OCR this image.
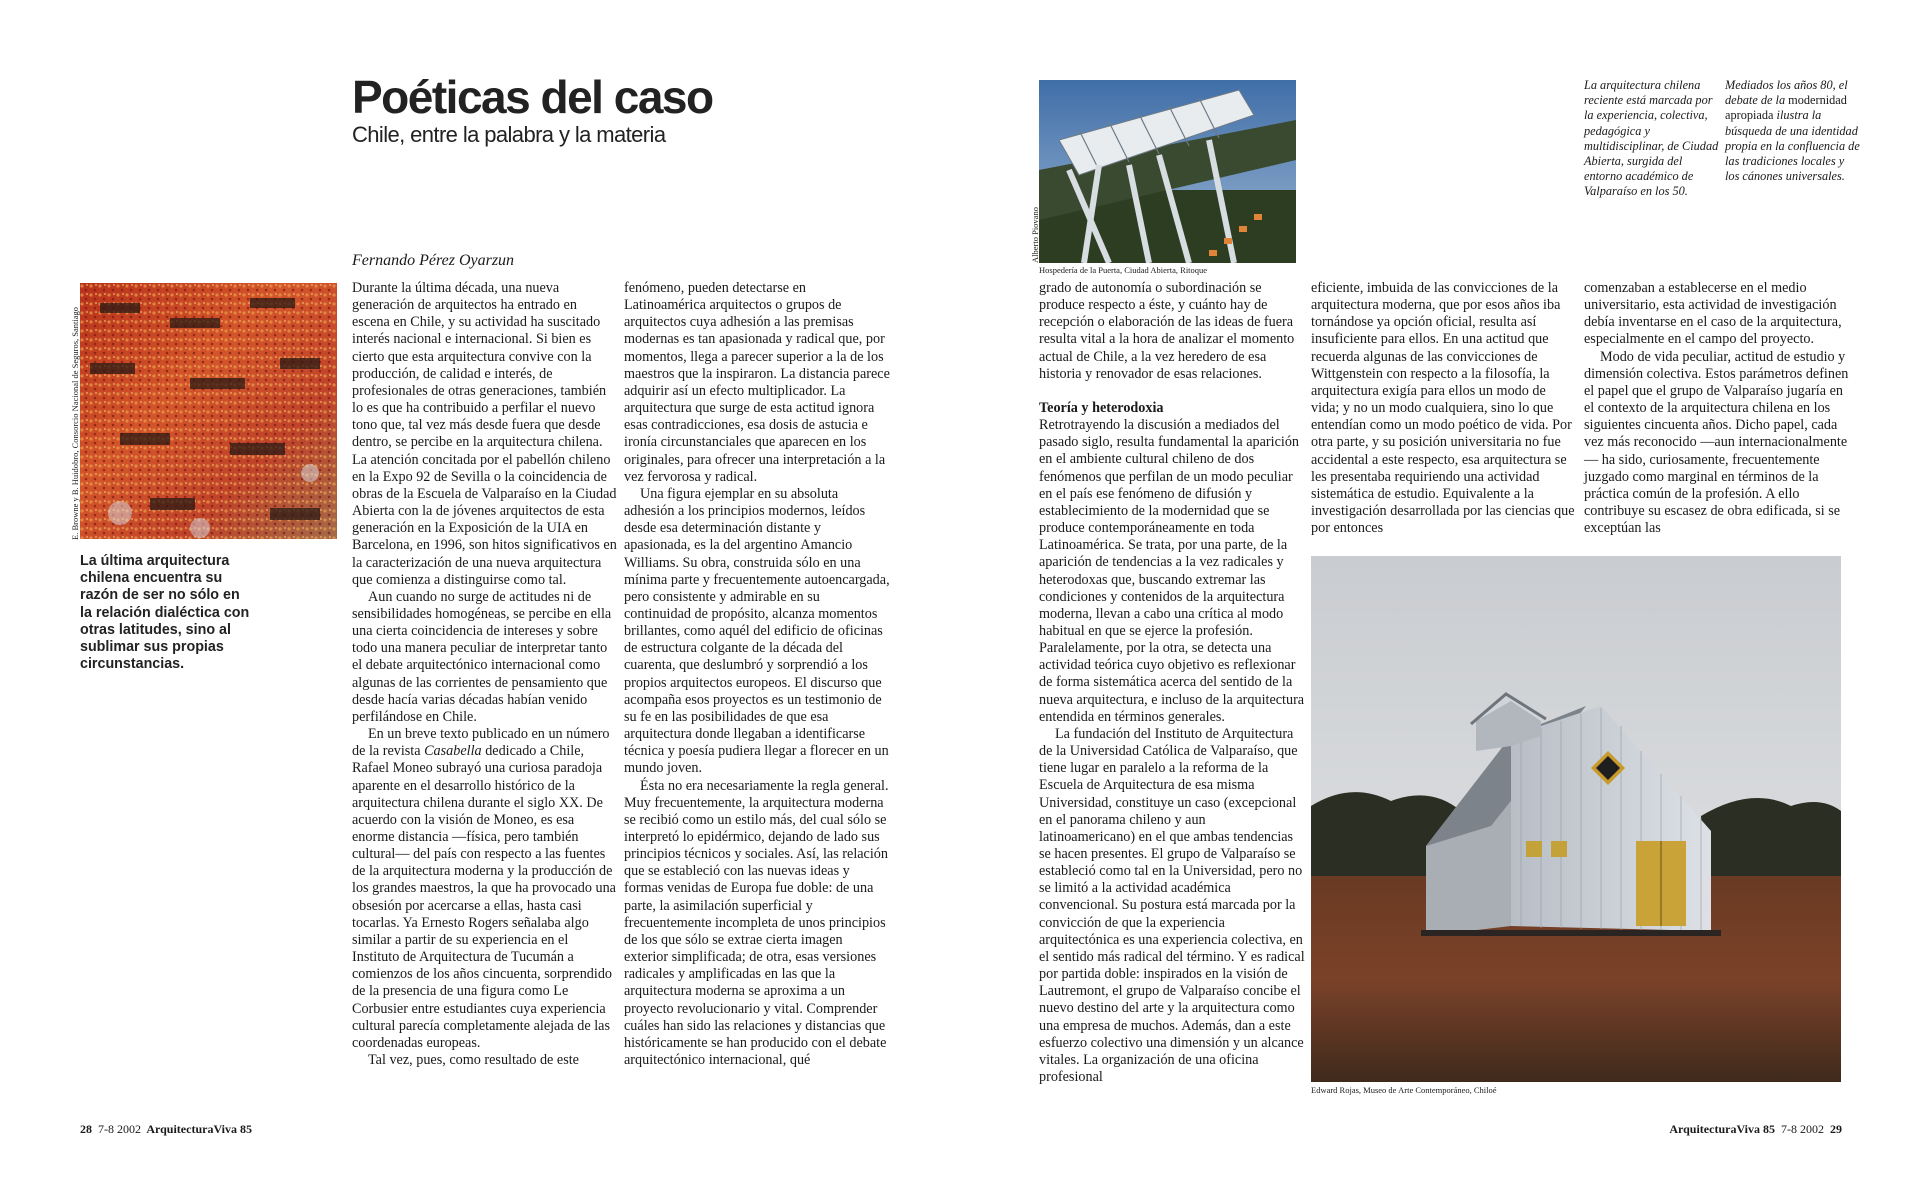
Poéticas del caso
Chile, entre la palabra y la materia
Fernando Pérez Oyarzun
E. Browne y B. Huidobro, Consorcio Nacional de Seguros, Santiago
La última arquitectura chilena encuentra su razón de ser no sólo en la relación dialéctica con otras latitudes, sino al sublimar sus propias circunstancias.

Durante la última década, una nueva generación de arquitectos ha entrado en escena en Chile, y su actividad ha suscitado interés nacional e internacional. Si bien es cierto que esta arquitectura convive con la producción, de calidad e interés, de profesionales de otras generaciones, también lo es que ha contribuido a perfilar el nuevo tono que, tal vez más desde fuera que desde dentro, se percibe en la arquitectura chilena. La atención concitada por el pabellón chileno en la Expo 92 de Sevilla o la coincidencia de obras de la Escuela de Valparaíso en la Ciudad Abierta con la de jóvenes arquitectos de esta generación en la Exposición de la UIA en Barcelona, en 1996, son hitos significativos en la caracterización de una nueva arquitectura que comienza a distinguirse como tal.

Aun cuando no surge de actitudes ni de sensibilidades homogéneas, se percibe en ella una cierta coincidencia de intereses y sobre todo una manera peculiar de interpretar tanto el debate arquitectónico internacional como algunas de las corrientes de pensamiento que desde hacía varias décadas habían venido perfilándose en Chile.

En un breve texto publicado en un número de la revista Casabella dedicado a Chile, Rafael Moneo subrayó una curiosa paradoja aparente en el desarrollo histórico de la arquitectura chilena durante el siglo XX. De acuerdo con la visión de Moneo, es esa enorme distancia —física, pero también cultural— del país con respecto a las fuentes de la arquitectura moderna y la producción de los grandes maestros, la que ha provocado una obsesión por acercarse a ellas, hasta casi tocarlas. Ya Ernesto Rogers señalaba algo similar a partir de su experiencia en el Instituto de Arquitectura de Tucumán a comienzos de los años cincuenta, sorprendido de la presencia de una figura como Le Corbusier entre estudiantes cuya experiencia cultural parecía completamente alejada de las coordenadas europeas.

Tal vez, pues, como resultado de este

fenómeno, pueden detectarse en Latinoamérica arquitectos o grupos de arquitectos cuya adhesión a las premisas modernas es tan apasionada y radical que, por momentos, llega a parecer superior a la de los maestros que la inspiraron. La distancia parece adquirir así un efecto multiplicador. La arquitectura que surge de esta actitud ignora esas contradicciones, esa dosis de astucia e ironía circunstanciales que aparecen en los originales, para ofrecer una interpretación a la vez fervorosa y radical.

Una figura ejemplar en su absoluta adhesión a los principios modernos, leídos desde esa determinación distante y apasionada, es la del argentino Amancio Williams. Su obra, construida sólo en una mínima parte y frecuentemente autoencargada, pero consistente y admirable en su continuidad de propósito, alcanza momentos brillantes, como aquél del edificio de oficinas de estructura colgante de la década del cuarenta, que deslumbró y sorprendió a los propios arquitectos europeos. El discurso que acompaña esos proyectos es un testimonio de su fe en las posibilidades de que esa arquitectura donde llegaban a identificarse técnica y poesía pudiera llegar a florecer en un mundo joven.

Ésta no era necesariamente la regla general. Muy frecuentemente, la arquitectura moderna se recibió como un estilo más, del cual sólo se interpretó lo epidérmico, dejando de lado sus principios técnicos y sociales. Así, las relación que se estableció con las nuevas ideas y formas venidas de Europa fue doble: de una parte, la asimilación superficial y frecuentemente incompleta de unos principios de los que sólo se extrae cierta imagen exterior simplificada; de otra, esas versiones radicales y amplificadas en las que la arquitectura moderna se aproxima a un proyecto revolucionario y vital. Comprender cuáles han sido las relaciones y distancias que históricamente se han producido con el debate arquitectónico internacional, qué

Alberto Piovano
Hospedería de la Puerta, Ciudad Abierta, Ritoque
La arquitectura chilena reciente está marcada por la experiencia, colectiva, pedagógica y multidisciplinar, de Ciudad Abierta, surgida del entorno académico de Valparaíso en los 50.
Mediados los años 80, el debate de la modernidad apropiada ilustra la búsqueda de una identidad propia en la confluencia de las tradiciones locales y los cánones universales.

grado de autonomía o subordinación se produce respecto a éste, y cuánto hay de recepción o elaboración de las ideas de fuera resulta vital a la hora de analizar el momento actual de Chile, a la vez heredero de esa historia y renovador de esas relaciones.

Teoría y heterodoxia

Retrotrayendo la discusión a mediados del pasado siglo, resulta fundamental la aparición en el ambiente cultural chileno de dos fenómenos que perfilan de un modo peculiar en el país ese fenómeno de difusión y establecimiento de la modernidad que se produce contemporáneamente en toda Latinoamérica. Se trata, por una parte, de la aparición de tendencias a la vez radicales y heterodoxas que, buscando extremar las condiciones y contenidos de la arquitectura moderna, llevan a cabo una crítica al modo habitual en que se ejerce la profesión. Paralelamente, por la otra, se detecta una actividad teórica cuyo objetivo es reflexionar de forma sistemática acerca del sentido de la nueva arquitectura, e incluso de la arquitectura entendida en términos generales.

La fundación del Instituto de Arquitectura de la Universidad Católica de Valparaíso, que tiene lugar en paralelo a la reforma de la Escuela de Arquitectura de esa misma Universidad, constituye un caso (excepcional en el panorama chileno y aun latinoamericano) en el que ambas tendencias se hacen presentes. El grupo de Valparaíso se estableció como tal en la Universidad, pero no se limitó a la actividad académica convencional. Su postura está marcada por la convicción de que la experiencia arquitectónica es una experiencia colectiva, en el sentido más radical del término. Y es radical por partida doble: inspirados en la visión de Lautremont, el grupo de Valparaíso concibe el nuevo destino del arte y la arquitectura como una empresa de muchos. Además, dan a este esfuerzo colectivo una dimensión y un alcance vitales. La organización de una oficina profesional

eficiente, imbuida de las convicciones de la arquitectura moderna, que por esos años iba tornándose ya opción oficial, resulta así insuficiente para ellos. En una actitud que recuerda algunas de las convicciones de Wittgenstein con respecto a la filosofía, la arquitectura exigía para ellos un modo de vida; y no un modo cualquiera, sino lo que entendían como un modo poético de vida. Por otra parte, y su posición universitaria no fue accidental a este respecto, esa arquitectura se les presentaba requiriendo una actividad sistemática de estudio. Equivalente a la investigación desarrollada por las ciencias que por entonces

comenzaban a establecerse en el medio universitario, esta actividad de investigación debía inventarse en el caso de la arquitectura, especialmente en el campo del proyecto.

Modo de vida peculiar, actitud de estudio y dimensión colectiva. Estos parámetros definen el papel que el grupo de Valparaíso jugaría en el contexto de la arquitectura chilena en los siguientes cincuenta años. Dicho papel, cada vez más reconocido —aun internacionalmente— ha sido, curiosamente, frecuentemente juzgado como marginal en términos de la práctica común de la profesión. A ello contribuye su escasez de obra edificada, si se exceptúan las

Edward Rojas, Museo de Arte Contemporáneo, Chiloé
28 7-8 2002 ArquitecturaViva 85	ArquitecturaViva 85 7-8 2002 29
